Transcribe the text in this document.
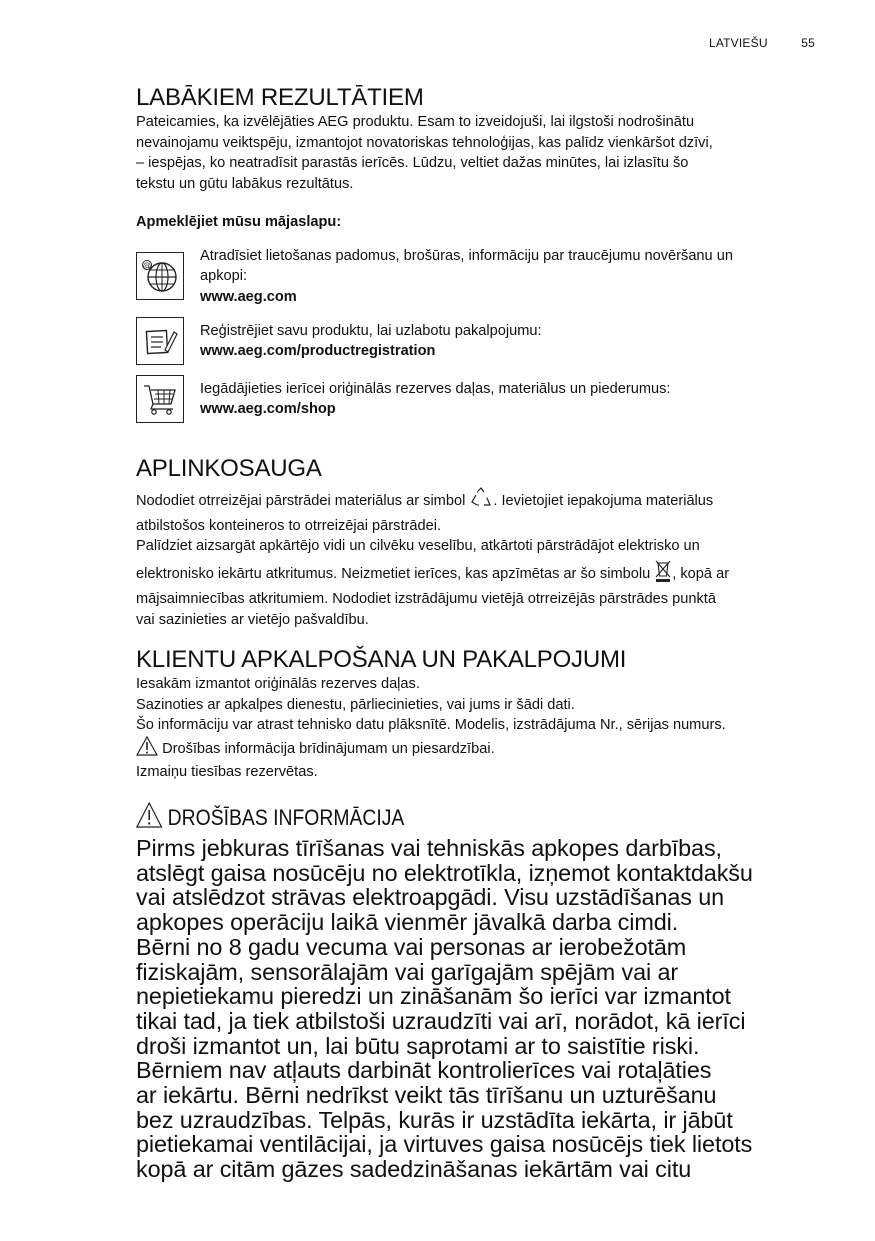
LATVIEŠU	55
LABĀKIEM REZULTĀTIEM

Pateicamies, ka izvēlējāties AEG produktu. Esam to izveidojuši, lai ilgstoši nodrošinātu

nevainojamu veiktspēju, izmantojot novatoriskas tehnoloģijas, kas palīdz vienkāršot dzīvi,

– iespējas, ko neatradīsit parastās ierīcēs. Lūdzu, veltiet dažas minūtes, lai izlasītu šo

tekstu un gūtu labākus rezultātus.

Apmeklējiet mūsu mājaslapu:

@

Atradīsiet lietošanas padomus, brošūras, informāciju par traucējumu novēršanu un

apkopi:

www.aeg.com

Reģistrējiet savu produktu, lai uzlabotu pakalpojumu:

www.aeg.com/productregistration

Iegādājieties ierīcei oriģinālās rezerves daļas, materiālus un piederumus:

www.aeg.com/shop

APLINKOSAUGA

Nododiet otrreizējai pārstrādei materiālus ar simbol . Ievietojiet iepakojuma materiālus

atbilstošos konteineros to otrreizējai pārstrādei.

Palīdziet aizsargāt apkārtējo vidi un cilvēku veselību, atkārtoti pārstrādājot elektrisko un

elektronisko iekārtu atkritumus. Neizmetiet ierīces, kas apzīmētas ar šo simbolu , kopā ar

mājsaimniecības atkritumiem. Nododiet izstrādājumu vietējā otrreizējās pārstrādes punktā

vai sazinieties ar vietējo pašvaldību.

KLIENTU APKALPOŠANA UN PAKALPOJUMI

Iesakām izmantot oriģinālās rezerves daļas.

Sazinoties ar apkalpes dienestu, pārliecinieties, vai jums ir šādi dati.

Šo informāciju var atrast tehnisko datu plāksnītē. Modelis, izstrādājuma Nr., sērijas numurs.

Drošības informācija brīdinājumam un piesardzībai.

Izmaiņu tiesības rezervētas.

DROŠĪBAS INFORMĀCIJA

Pirms jebkuras tīrīšanas vai tehniskās apkopes darbības,

atslēgt gaisa nosūcēju no elektrotīkla, izņemot kontaktdakšu

vai atslēdzot strāvas elektroapgādi. Visu uzstādīšanas un

apkopes operāciju laikā vienmēr jāvalkā darba cimdi.

Bērni no 8 gadu vecuma vai personas ar ierobežotām

fiziskajām, sensorālajām vai garīgajām spējām vai ar

nepietiekamu pieredzi un zināšanām šo ierīci var izmantot

tikai tad, ja tiek atbilstoši uzraudzīti vai arī, norādot, kā ierīci

droši izmantot un, lai būtu saprotami ar to saistītie riski.

Bērniem nav atļauts darbināt kontrolierīces vai rotaļāties

ar iekārtu. Bērni nedrīkst veikt tās tīrīšanu un uzturēšanu

bez uzraudzības. Telpās, kurās ir uzstādīta iekārta, ir jābūt

pietiekamai ventilācijai, ja virtuves gaisa nosūcējs tiek lietots

kopā ar citām gāzes sadedzināšanas iekārtām vai citu
